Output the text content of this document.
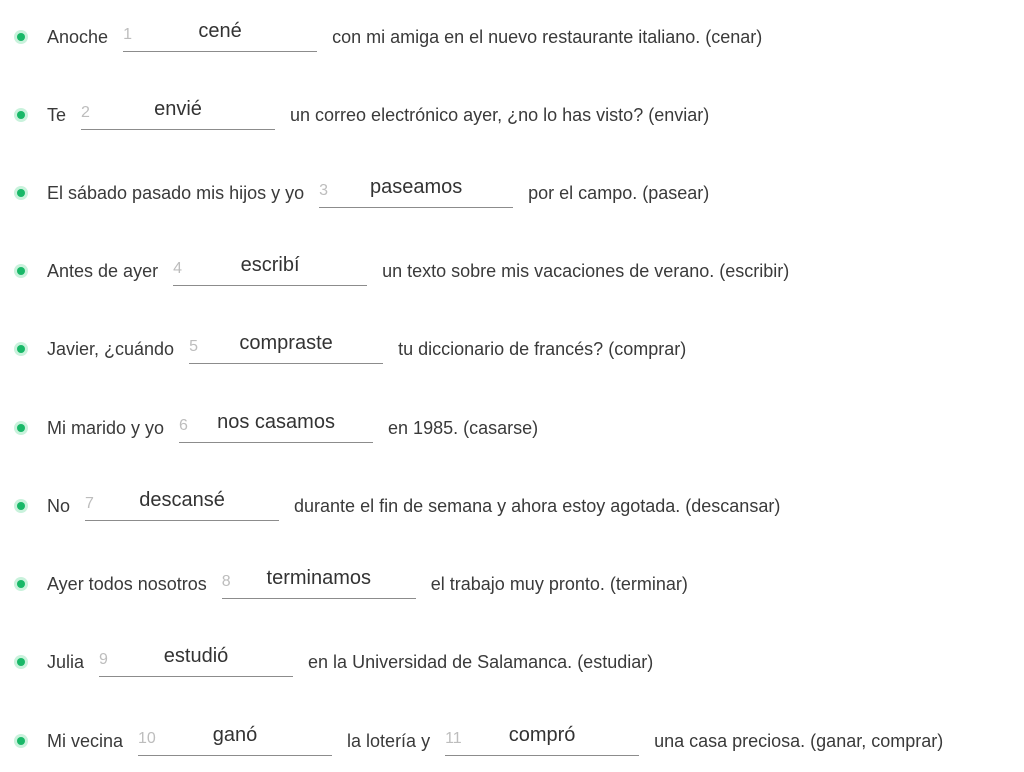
Anoche 1	cené	con mi amiga en el nuevo restaurante italiano. (cenar)
Te 2	envié	un correo electrónico ayer, ¿no lo has visto? (enviar)
El sábado pasado mis hijos y yo 3	paseamos	por el campo. (pasear)
Antes de ayer 4	escribí	un texto sobre mis vacaciones de verano. (escribir)
Javier, ¿cuándo 5	compraste	tu diccionario de francés? (comprar)
Mi marido y yo 6	nos casamos	en 1985. (casarse)
No 7	descansé	durante el fin de semana y ahora estoy agotada. (descansar)
Ayer todos nosotros 8	terminamos	el trabajo muy pronto. (terminar)
Julia 9	estudió	en la Universidad de Salamanca. (estudiar)
Mi vecina 10	ganó	la lotería y 11	compró	una casa preciosa. (ganar, comprar)
